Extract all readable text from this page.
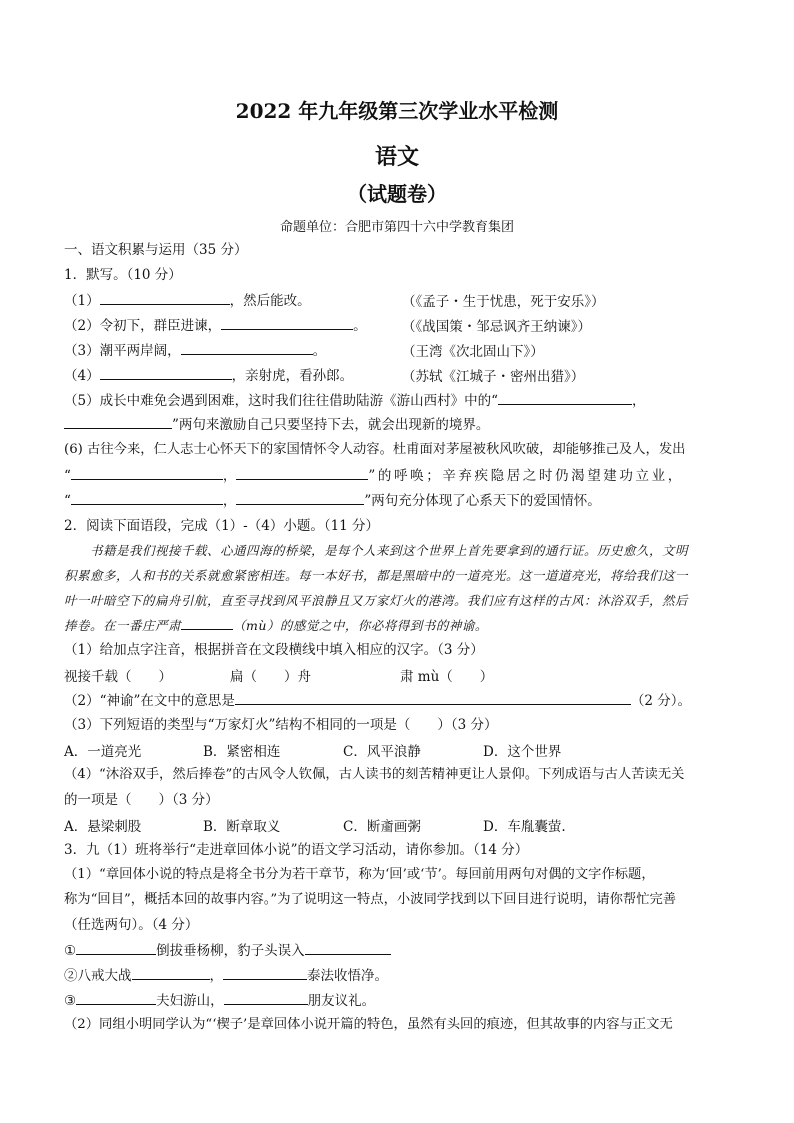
2022 年九年级第三次学业水平检测
语文
（试题卷）
命题单位：合肥市第四十六中学教育集团
一、语文积累与运用（35 分）
1．默写。（10 分）
（1）	，然后能改。	（《孟子・生于忧患，死于安乐》）
（2）令初下，群臣进谏，	。	（《战国策・邹忌讽齐王纳谏》）
（3）潮平两岸阔，	。	（王湾《次北固山下》）
（4）	，亲射虎，看孙郎。	（苏轼《江城子・密州出猎》）
（5）成长中难免会遇到困难，这时我们往往借助陆游《游山西村》中的“	，
”两句来激励自己只要坚持下去，就会出现新的境界。
(6) 古往今来，仁人志士心怀天下的家国情怀令人动容。杜甫面对茅屋被秋风吹破，却能够推己及人，发出
“	，	”的呼唤；辛弃疾隐居之时仍渴望建功立业，
“	，	”两句充分体现了心系天下的爱国情怀。
2．阅读下面语段，完成（1）-（4）小题。（11 分）
书籍是我们视接千载、心通四海的桥梁，是每个人来到这个世界上首先要拿到的通行证。历史愈久，文明
积累愈多，人和书的关系就愈紧密相连。每一本好书，都是黑暗中的一道亮光。这一道道亮光，将给我们这一
叶一叶暗空下的扁舟引航，直至寻找到风平浪静且又万家灯火的港湾。我们应有这样的古风：沐浴双手，然后
捧卷。在一番庄严肃	（mù）的感觉之中，你必将得到书的神谕。
（1）给加点字注音，根据拼音在文段横线中填入相应的汉字。（3 分）
视接千载（　　）	扁（　　）舟	肃 mù（　　）
（2）“神谕”在文中的意思是	（2 分）。
（3）下列短语的类型与“万家灯火”结构不相同的一项是（　　）（3 分）
A．一道亮光	B．紧密相连	C．风平浪静	D．这个世界
（4）“沐浴双手，然后捧卷”的古风令人钦佩，古人读书的刻苦精神更让人景仰。下列成语与古人苦读无关
的一项是（　　）（3 分）
A．悬梁刺股	B．断章取义	C．断齑画粥	D．车胤囊萤.
3．九（1）班将举行“走进章回体小说”的语文学习活动，请你参加。（14 分）
（1）“章回体小说的特点是将全书分为若干章节，称为‘回’或‘节’。每回前用两句对偶的文字作标题，
称为“回目”，概括本回的故事内容。”为了说明这一特点，小波同学找到以下回目进行说明，请你帮忙完善
（任选两句）。（4 分）
①	倒拔垂杨柳，豹子头误入
②八戒大战	，	泰法收悟净。
③	夫妇游山，	朋友议礼。
（2）同组小明同学认为“‘楔子’是章回体小说开篇的特色，虽然有头回的痕迹，但其故事的内容与正文无
